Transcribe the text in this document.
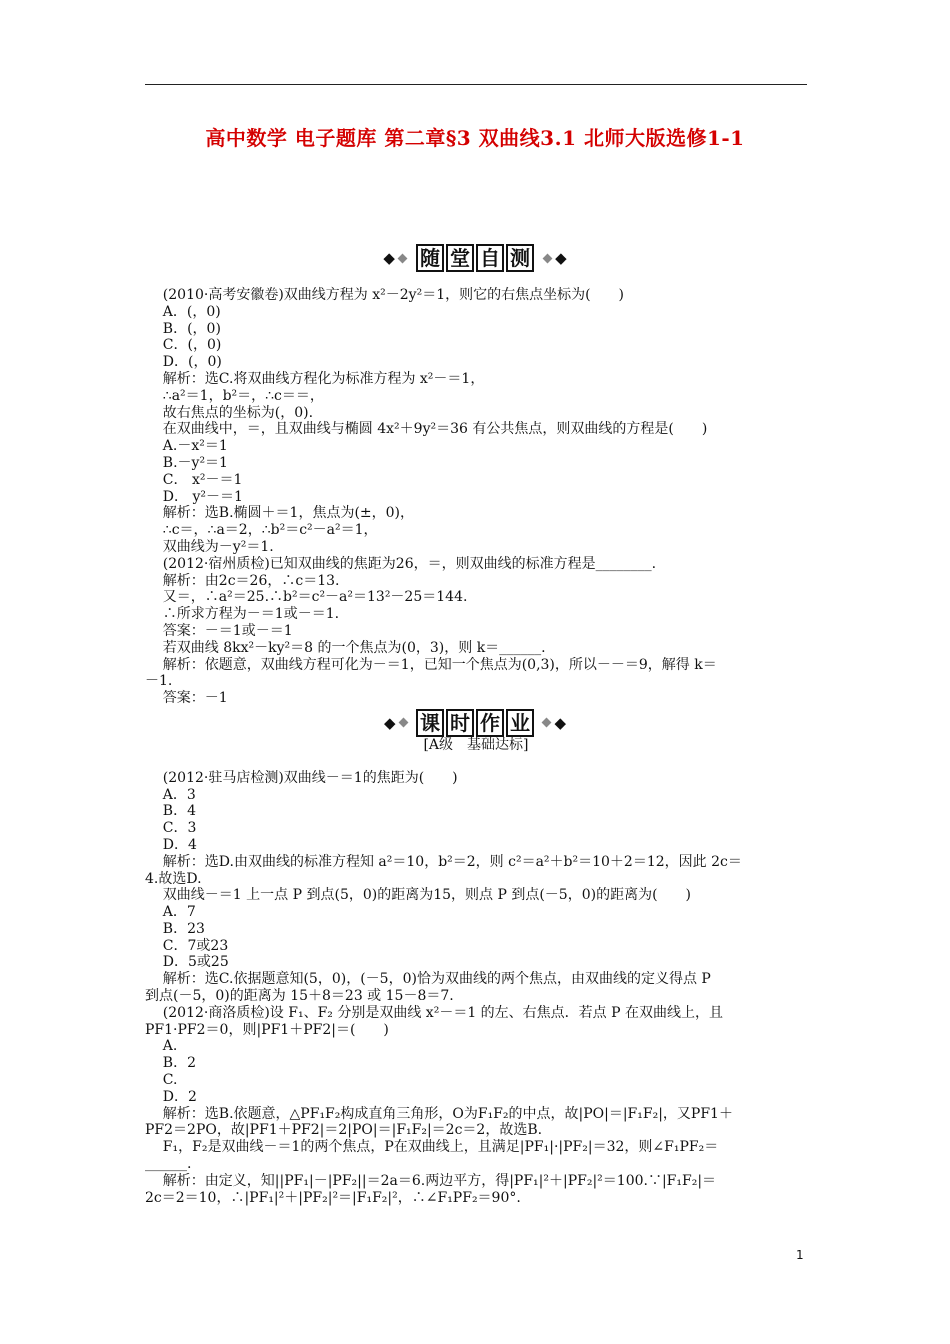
高中数学 电子题库 第二章§3 双曲线3.1 北师大版选修1-1
◆ 随 堂 自 测 ◆
(2010·高考安徽卷)双曲线方程为 x²－2y²＝1，则它的右焦点坐标为(　　)
A．(，0)
B．(，0)
C．(，0)
D．(，0)
解析：选C.将双曲线方程化为标准方程为 x²－＝1，
∴a²＝1，b²＝，∴c＝＝，
故右焦点的坐标为(，0).
在双曲线中，＝，且双曲线与椭圆 4x²＋9y²＝36 有公共焦点，则双曲线的方程是(　　)
A.－x²＝1
B.－y²＝1
C． x²－＝1
D． y²－＝1
解析：选B.椭圆＋＝1，焦点为(±，0)，
∴c＝，∴a＝2，∴b²＝c²－a²＝1，
双曲线为－y²＝1.
(2012·宿州质检)已知双曲线的焦距为26，＝，则双曲线的标准方程是________.
解析：由2c＝26，∴c＝13.
又＝，∴a²＝25.∴b²＝c²－a²＝13²－25＝144.
∴所求方程为－＝1或－＝1.
答案：－＝1或－＝1
若双曲线 8kx²－ky²＝8 的一个焦点为(0，3)，则 k＝______.
解析：依题意，双曲线方程可化为－＝1，已知一个焦点为(0,3)，所以－－＝9，解得 k＝
－1.
答案：－1
◆ 课 时 作 业 ◆
[A级　基础达标]
(2012·驻马店检测)双曲线－＝1的焦距为(　　)
A．3
B．4
C．3
D．4
解析：选D.由双曲线的标准方程知 a²＝10，b²＝2，则 c²＝a²＋b²＝10＋2＝12，因此 2c＝
4.故选D.
双曲线－＝1 上一点 P 到点(5，0)的距离为15，则点 P 到点(－5，0)的距离为(　　)
A．7
B．23
C．7或23
D．5或25
解析：选C.依据题意知(5，0)，(－5，0)恰为双曲线的两个焦点，由双曲线的定义得点 P
到点(－5，0)的距离为 15＋8＝23 或 15－8＝7.
(2012·商洛质检)设 F₁、F₂ 分别是双曲线 x²－＝1 的左、右焦点．若点 P 在双曲线上，且
PF1·PF2＝0，则|PF1＋PF2|＝(　　)
A.
B．2
C.
D．2
解析：选B.依题意，△PF₁F₂构成直角三角形，O为F₁F₂的中点，故|PO|＝|F₁F₂|，又PF1＋
PF2＝2PO，故|PF1＋PF2|＝2|PO|＝|F₁F₂|＝2c＝2，故选B.
F₁，F₂是双曲线－＝1的两个焦点，P在双曲线上，且满足|PF₁|·|PF₂|＝32，则∠F₁PF₂＝
______.
解析：由定义，知||PF₁|－|PF₂||＝2a＝6.两边平方，得|PF₁|²＋|PF₂|²＝100.∵|F₁F₂|＝
2c＝2＝10，∴|PF₁|²＋|PF₂|²＝|F₁F₂|²，∴∠F₁PF₂＝90°.
1
